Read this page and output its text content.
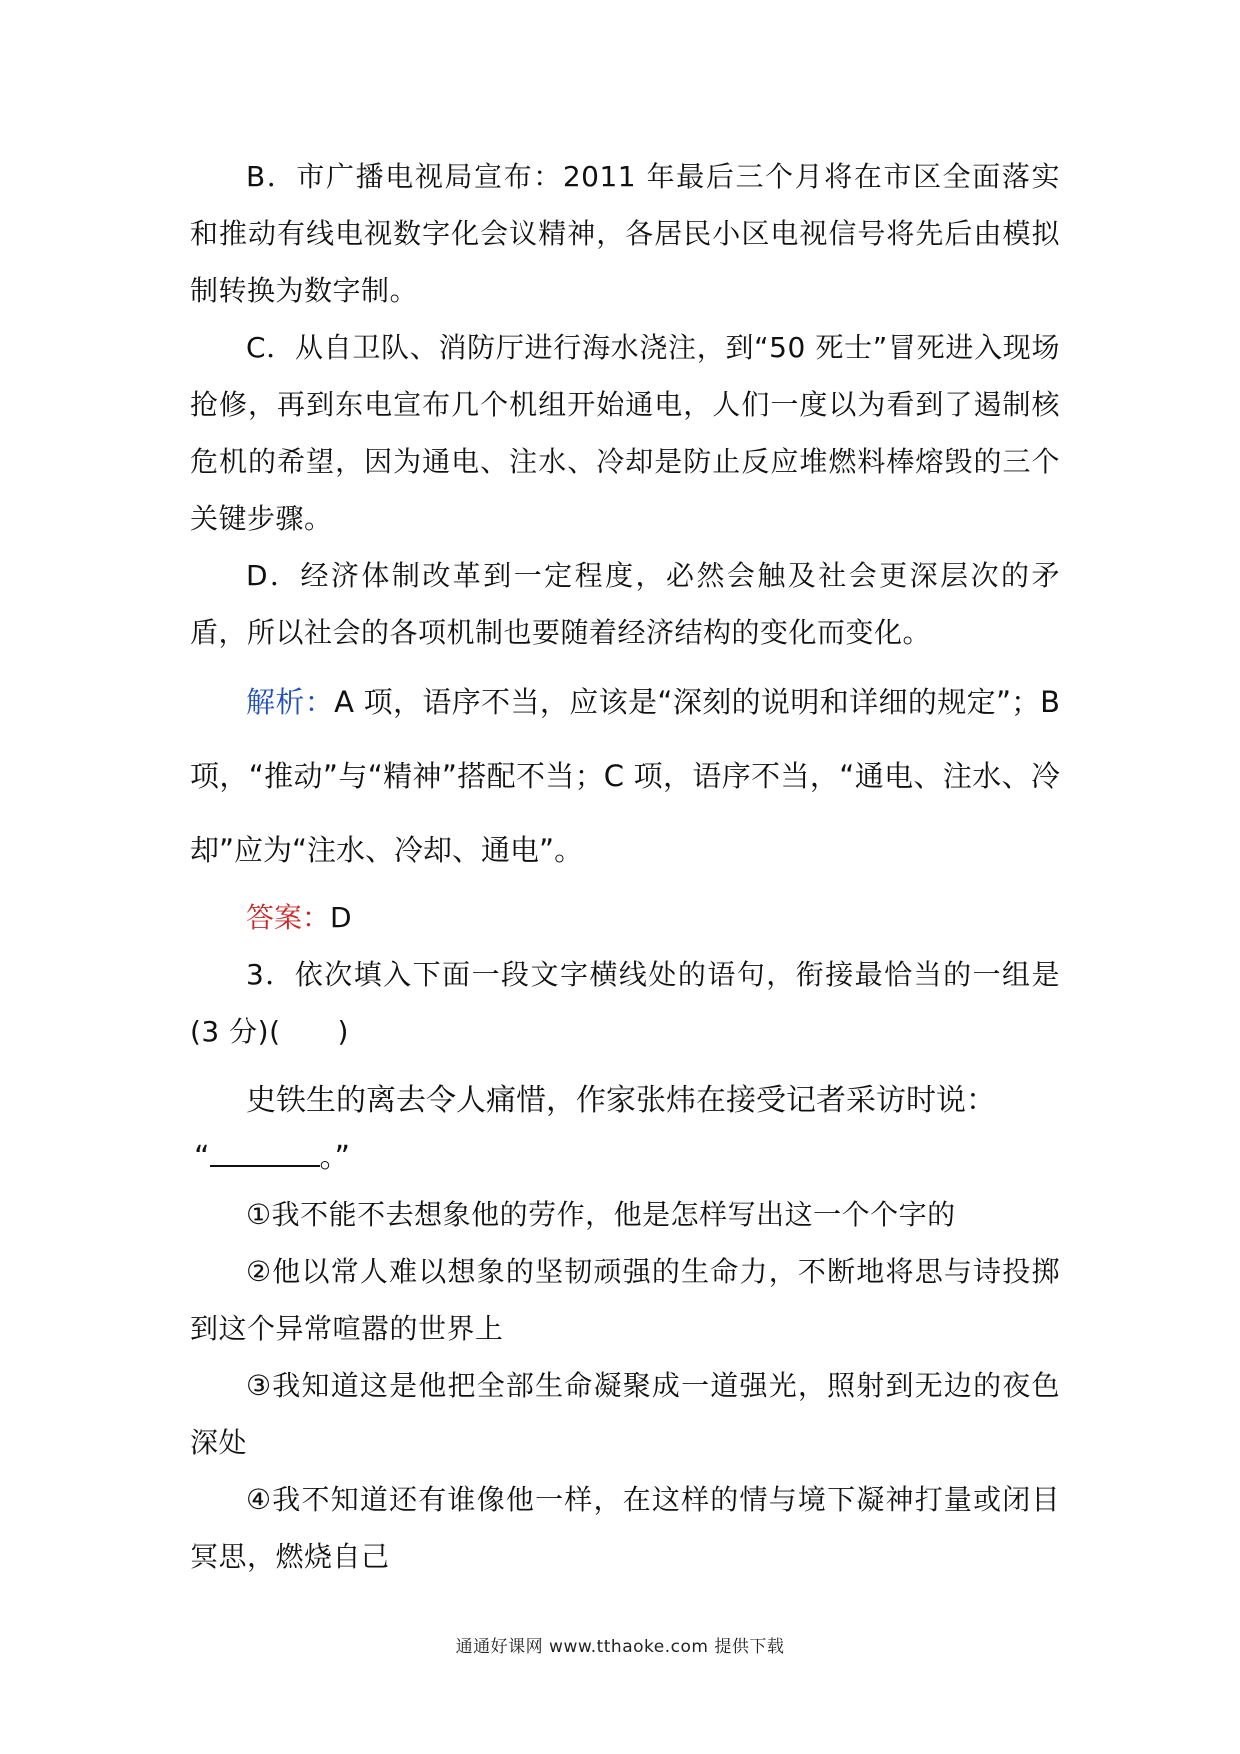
B．市广播电视局宣布：2011 年最后三个月将在市区全面落实和推动有线电视数字化会议精神，各居民小区电视信号将先后由模拟制转换为数字制。

C．从自卫队、消防厅进行海水浇注，到“50 死士”冒死进入现场抢修，再到东电宣布几个机组开始通电，人们一度以为看到了遏制核危机的希望，因为通电、注水、冷却是防止反应堆燃料棒熔毁的三个关键步骤。

D．经济体制改革到一定程度，必然会触及社会更深层次的矛盾，所以社会的各项机制也要随着经济结构的变化而变化。

解析：A 项，语序不当，应该是“深刻的说明和详细的规定”；B 项，“推动”与“精神”搭配不当；C 项，语序不当，“通电、注水、冷却”应为“注水、冷却、通电”。

答案：D

3．依次填入下面一段文字横线处的语句，衔接最恰当的一组是(3 分)(　　)

史铁生的离去令人痛惜，作家张炜在接受记者采访时说：

“	。”

①我不能不去想象他的劳作，他是怎样写出这一个个字的

②他以常人难以想象的坚韧顽强的生命力，不断地将思与诗投掷到这个异常喧嚣的世界上

③我知道这是他把全部生命凝聚成一道强光，照射到无边的夜色深处

④我不知道还有谁像他一样，在这样的情与境下凝神打量或闭目冥思，燃烧自己

通通好课网 www.tthaoke.com 提供下载
